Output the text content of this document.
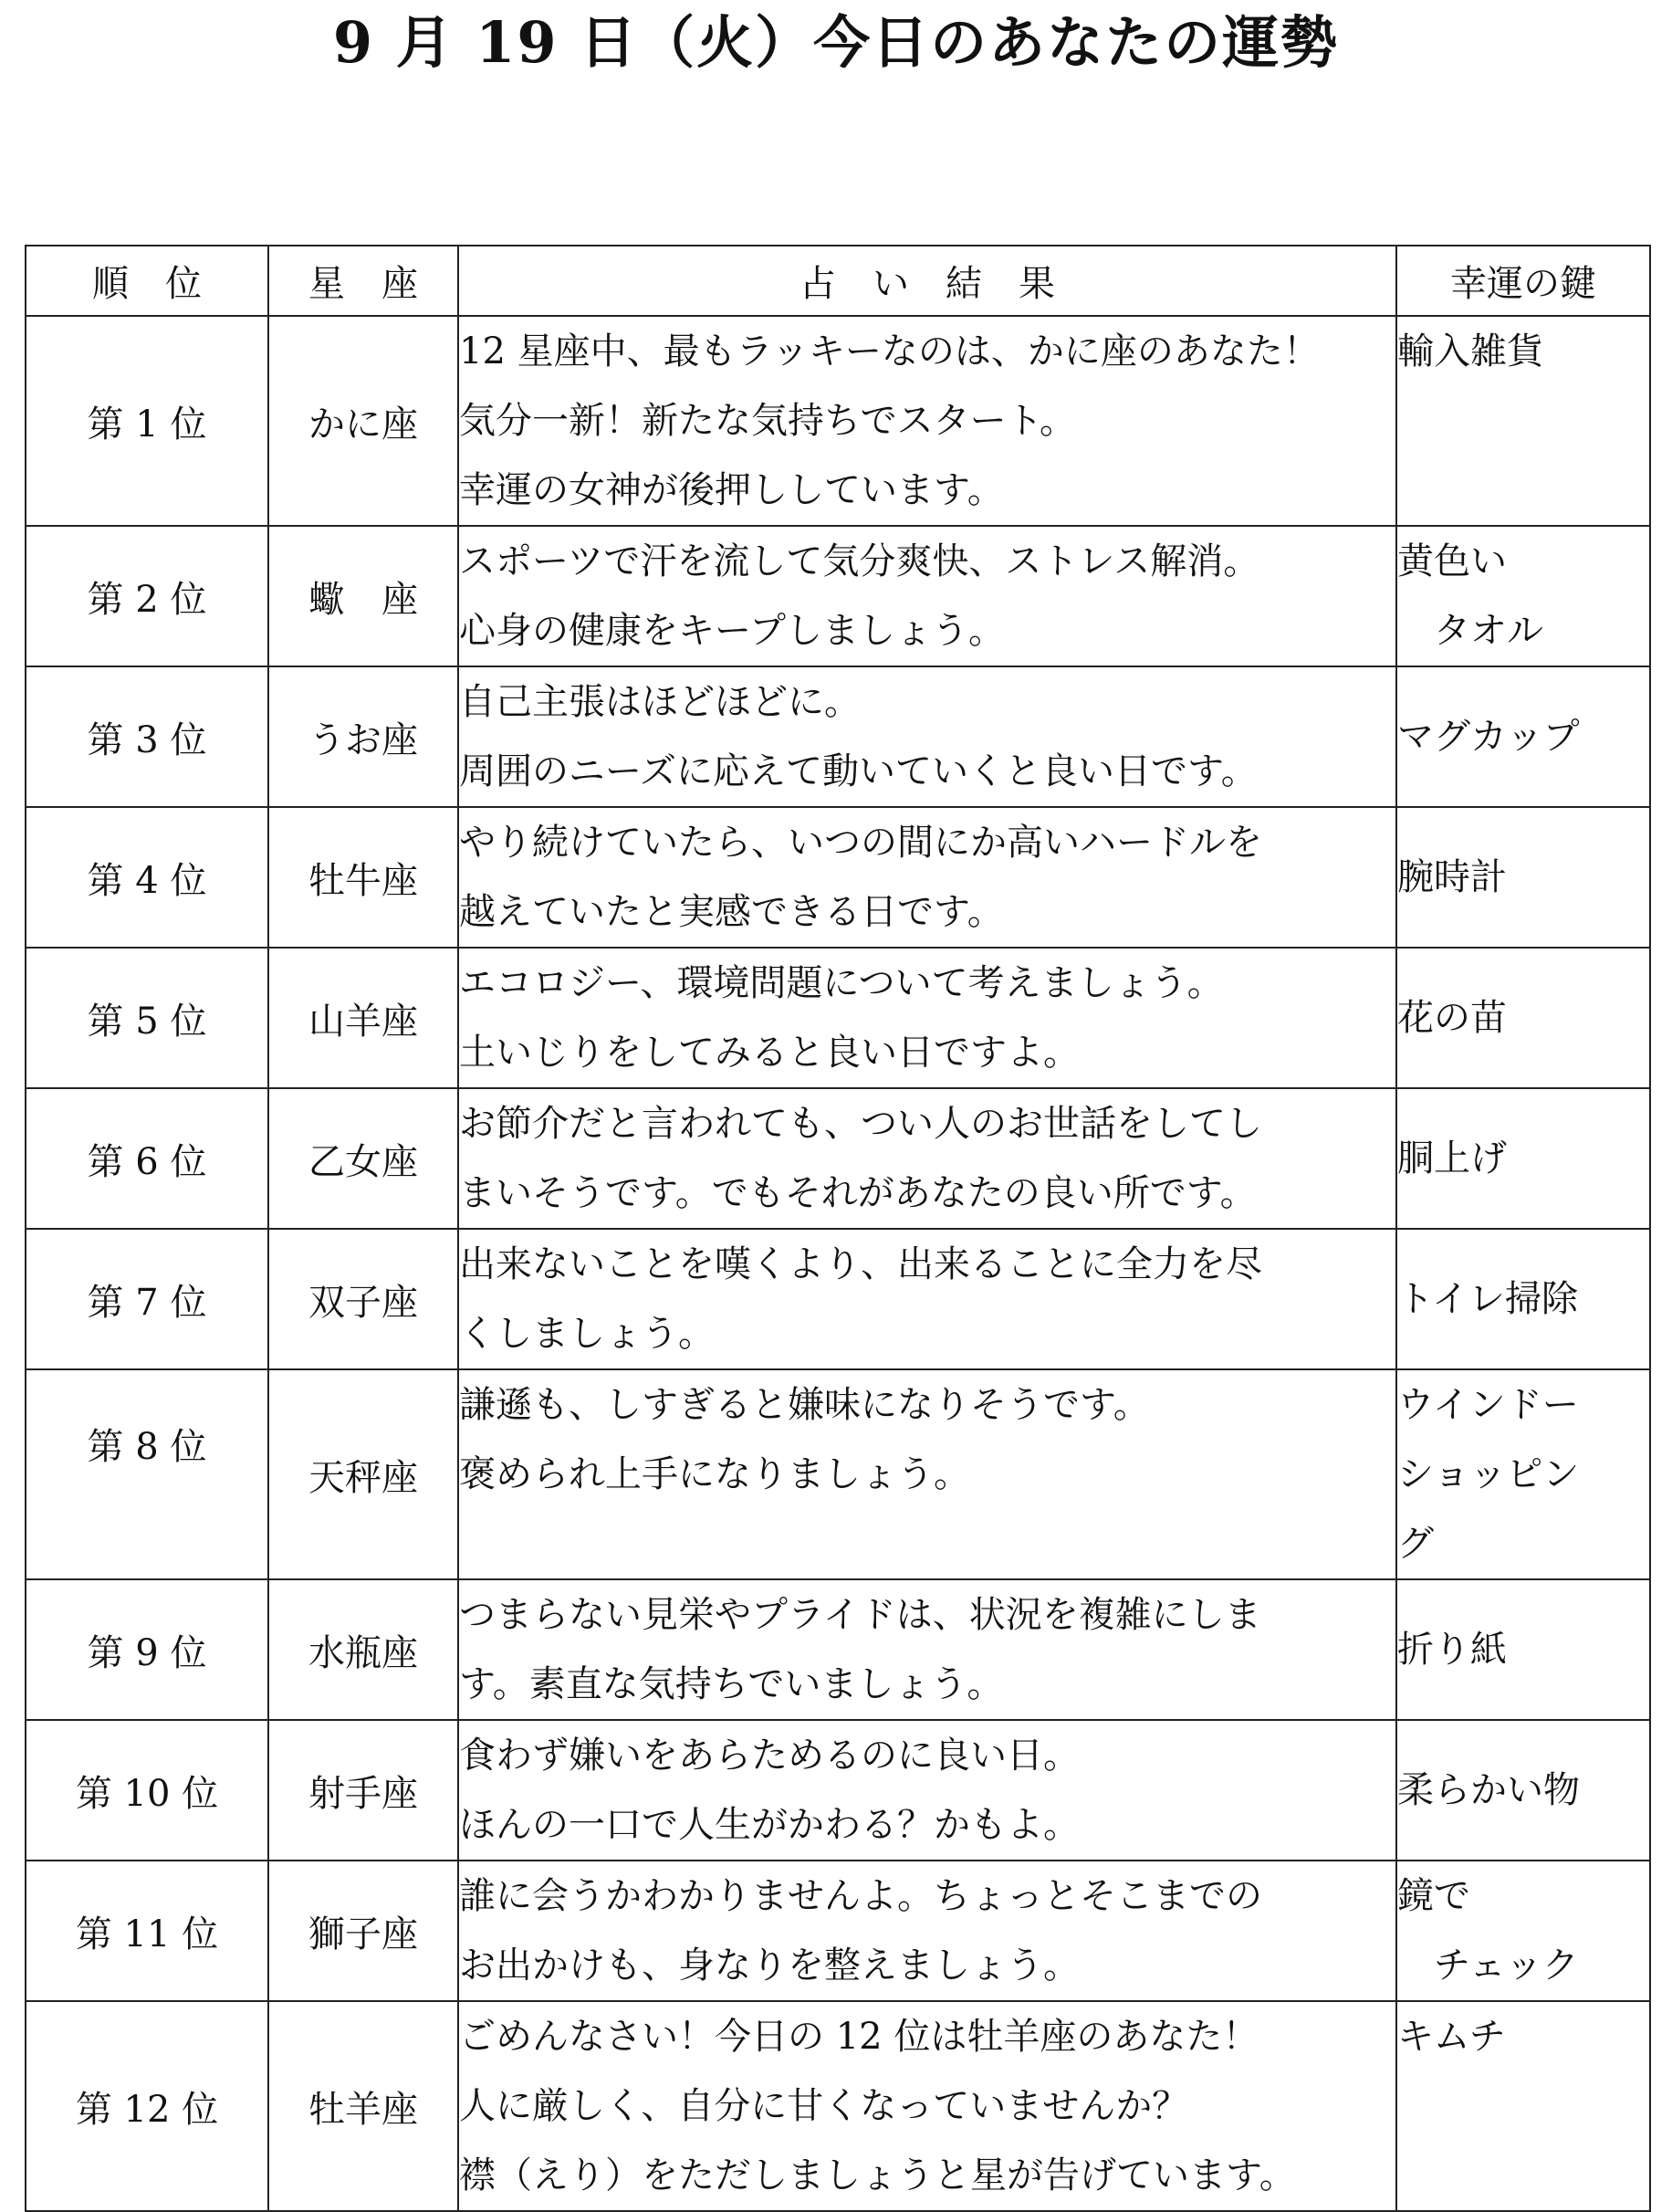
9 月 19 日（火）今日のあなたの運勢
順　位	星　座	占　い　結　果	幸運の鍵
第 1 位	かに座	12 星座中、最もラッキーなのは、かに座のあなた！
気分一新！新たな気持ちでスタート。
幸運の女神が後押ししています。	輸入雑貨
第 2 位	蠍　座	スポーツで汗を流して気分爽快、ストレス解消。
心身の健康をキープしましょう。	黄色い
　タオル
第 3 位	うお座	自己主張はほどほどに。
周囲のニーズに応えて動いていくと良い日です。	マグカップ
第 4 位	牡牛座	やり続けていたら、いつの間にか高いハードルを
越えていたと実感できる日です。	腕時計
第 5 位	山羊座	エコロジー、環境問題について考えましょう。
土いじりをしてみると良い日ですよ。	花の苗
第 6 位	乙女座	お節介だと言われても、つい人のお世話をしてし
まいそうです。でもそれがあなたの良い所です。	胴上げ
第 7 位	双子座	出来ないことを嘆くより、出来ることに全力を尽
くしましょう。	トイレ掃除
第 8 位	天秤座	謙遜も、しすぎると嫌味になりそうです。
褒められ上手になりましょう。	ウインドー
ショッピン
グ
第 9 位	水瓶座	つまらない見栄やプライドは、状況を複雑にしま
す。素直な気持ちでいましょう。	折り紙
第 10 位	射手座	食わず嫌いをあらためるのに良い日。
ほんの一口で人生がかわる？かもよ。	柔らかい物
第 11 位	獅子座	誰に会うかわかりませんよ。ちょっとそこまでの
お出かけも、身なりを整えましょう。	鏡で
　チェック
第 12 位	牡羊座	ごめんなさい！今日の 12 位は牡羊座のあなた！
人に厳しく、自分に甘くなっていませんか？
襟（えり）をただしましょうと星が告げています。	キムチ
